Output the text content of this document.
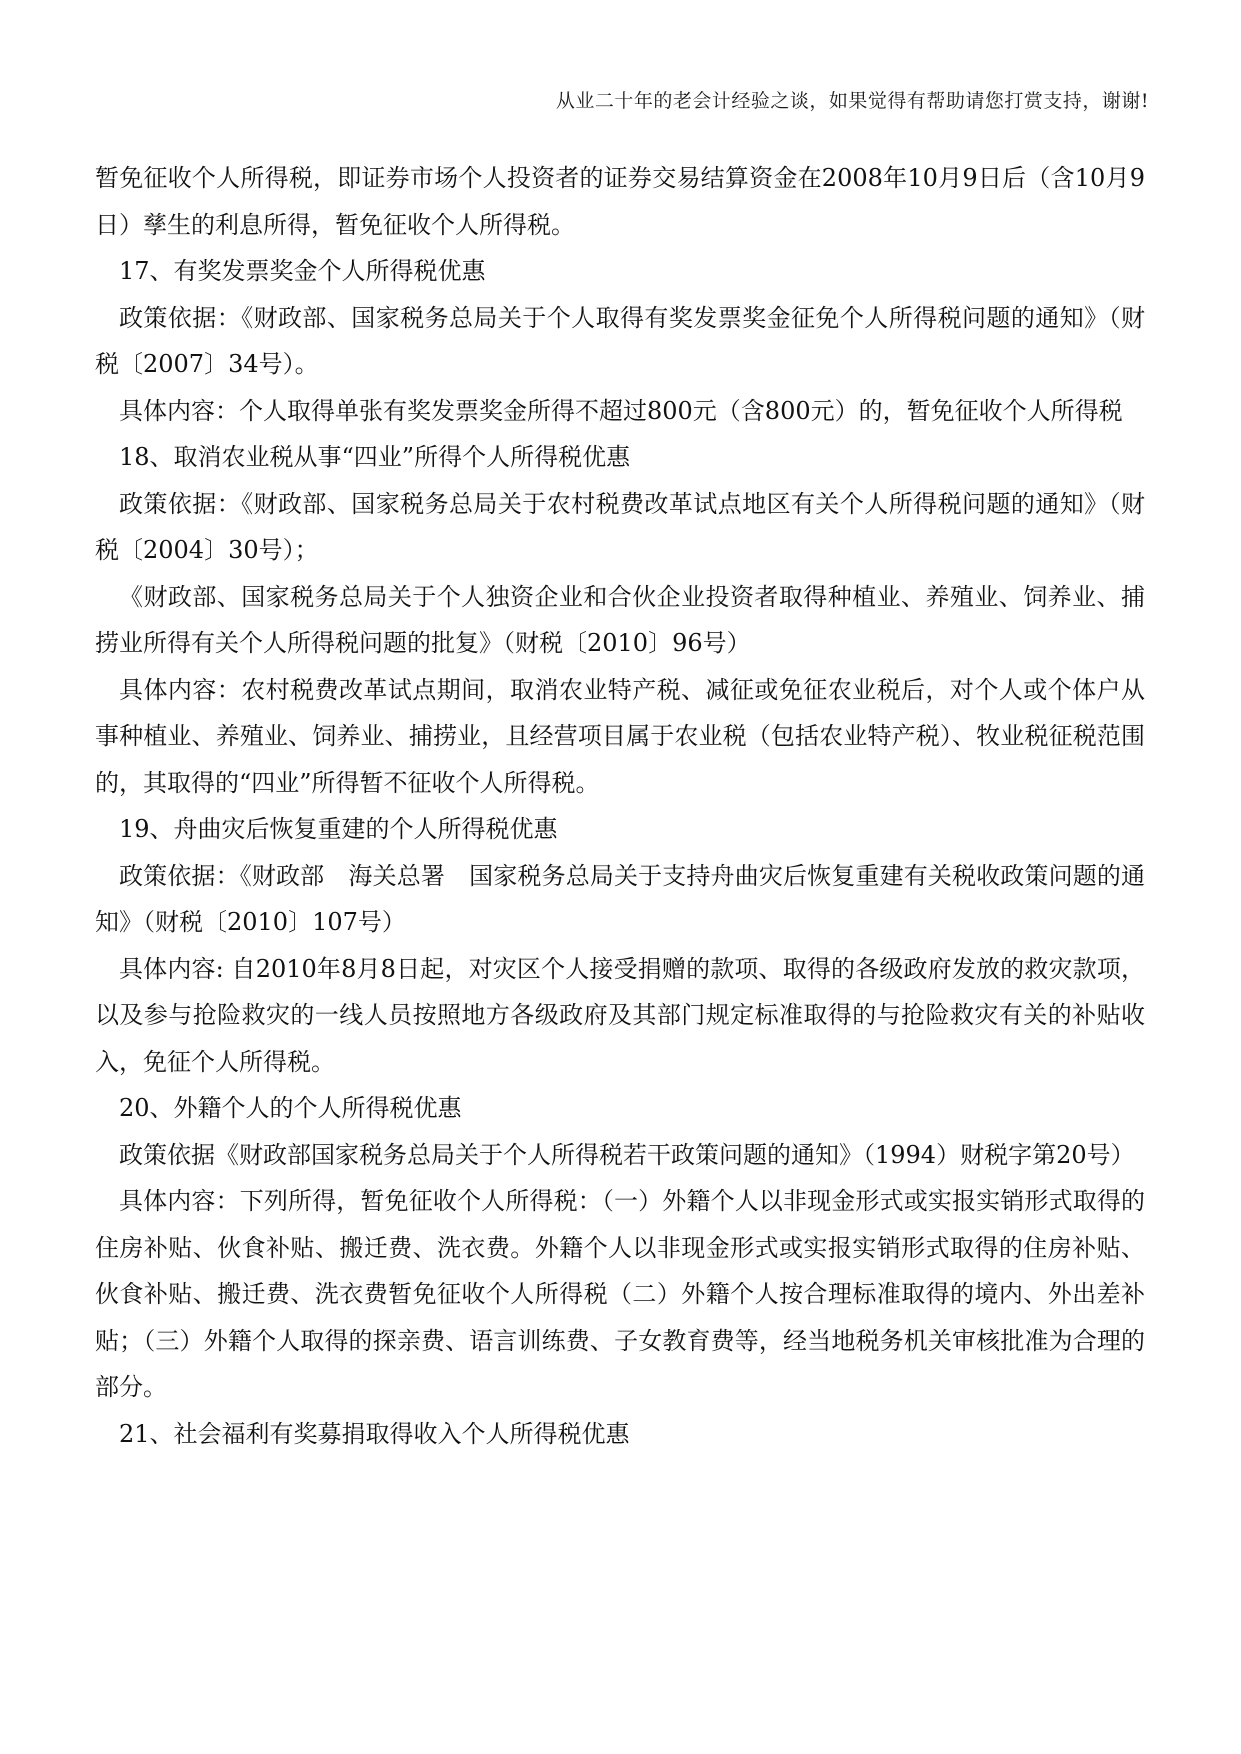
从业二十年的老会计经验之谈，如果觉得有帮助请您打赏支持，谢谢!

暂免征收个人所得税，即证券市场个人投资者的证券交易结算资金在2008年10月9日后（含10月9日）孳生的利息所得，暂免征收个人所得税。

17、有奖发票奖金个人所得税优惠

政策依据：《财政部、国家税务总局关于个人取得有奖发票奖金征免个人所得税问题的通知》（财税〔2007〕34号）。

具体内容：个人取得单张有奖发票奖金所得不超过800元（含800元）的，暂免征收个人所得税

18、取消农业税从事“四业”所得个人所得税优惠

政策依据：《财政部、国家税务总局关于农村税费改革试点地区有关个人所得税问题的通知》（财税〔2004〕30号）；

《财政部、国家税务总局关于个人独资企业和合伙企业投资者取得种植业、养殖业、饲养业、捕捞业所得有关个人所得税问题的批复》（财税〔2010〕96号）

具体内容：农村税费改革试点期间，取消农业特产税、减征或免征农业税后，对个人或个体户从事种植业、养殖业、饲养业、捕捞业，且经营项目属于农业税（包括农业特产税）、牧业税征税范围的，其取得的“四业”所得暂不征收个人所得税。

19、舟曲灾后恢复重建的个人所得税优惠

政策依据：《财政部　海关总署　国家税务总局关于支持舟曲灾后恢复重建有关税收政策问题的通知》（财税〔2010〕107号）

具体内容: 自2010年8月8日起，对灾区个人接受捐赠的款项、取得的各级政府发放的救灾款项，以及参与抢险救灾的一线人员按照地方各级政府及其部门规定标准取得的与抢险救灾有关的补贴收入，免征个人所得税。

20、外籍个人的个人所得税优惠

政策依据《财政部国家税务总局关于个人所得税若干政策问题的通知》（1994）财税字第20号）

具体内容：下列所得，暂免征收个人所得税：（一）外籍个人以非现金形式或实报实销形式取得的住房补贴、伙食补贴、搬迁费、洗衣费。外籍个人以非现金形式或实报实销形式取得的住房补贴、伙食补贴、搬迁费、洗衣费暂免征收个人所得税（二）外籍个人按合理标准取得的境内、外出差补贴；（三）外籍个人取得的探亲费、语言训练费、子女教育费等，经当地税务机关审核批准为合理的部分。

21、社会福利有奖募捐取得收入个人所得税优惠
